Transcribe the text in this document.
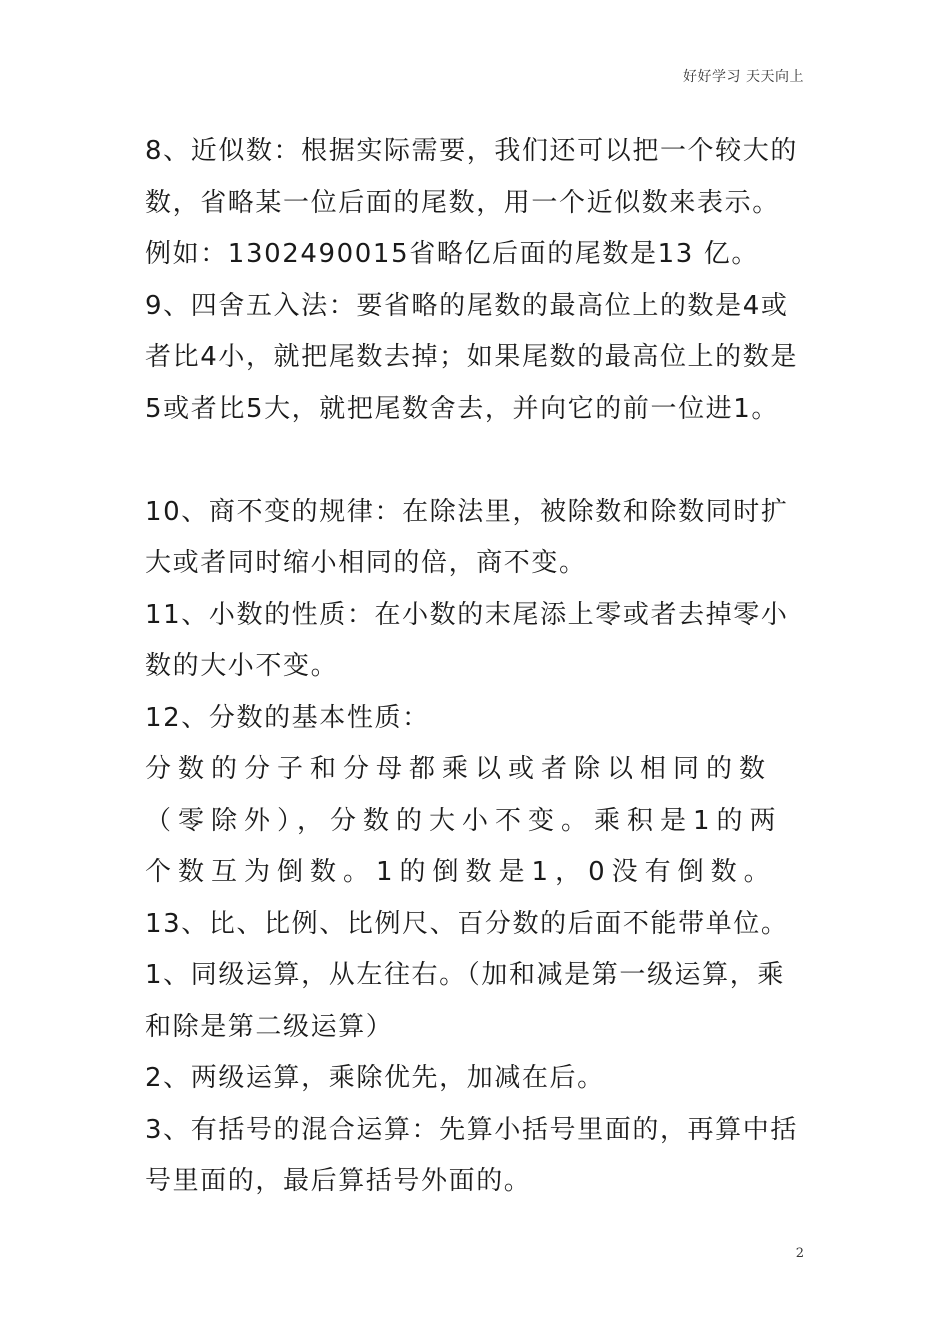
好好学习 天天向上

8、近似数：根据实际需要，我们还可以把一个较大的数，省略某一位后面的尾数，用一个近似数来表示。例如：1302490015省略亿后面的尾数是13 亿。

9、四舍五入法：要省略的尾数的最高位上的数是4或者比4小，就把尾数去掉；如果尾数的最高位上的数是5或者比5大，就把尾数舍去，并向它的前一位进1。

10、商不变的规律：在除法里，被除数和除数同时扩大或者同时缩小相同的倍，商不变。

11、小数的性质：在小数的末尾添上零或者去掉零小数的大小不变。

12、分数的基本性质：

分数的分子和分母都乘以或者除以相同的数（零除外），分数的大小不变。乘积是1的两个数互为倒数。1的倒数是1，0没有倒数。

13、比、比例、比例尺、百分数的后面不能带单位。

1、同级运算，从左往右。（加和减是第一级运算，乘和除是第二级运算）

2、两级运算，乘除优先，加减在后。

3、有括号的混合运算：先算小括号里面的，再算中括号里面的，最后算括号外面的。

2
